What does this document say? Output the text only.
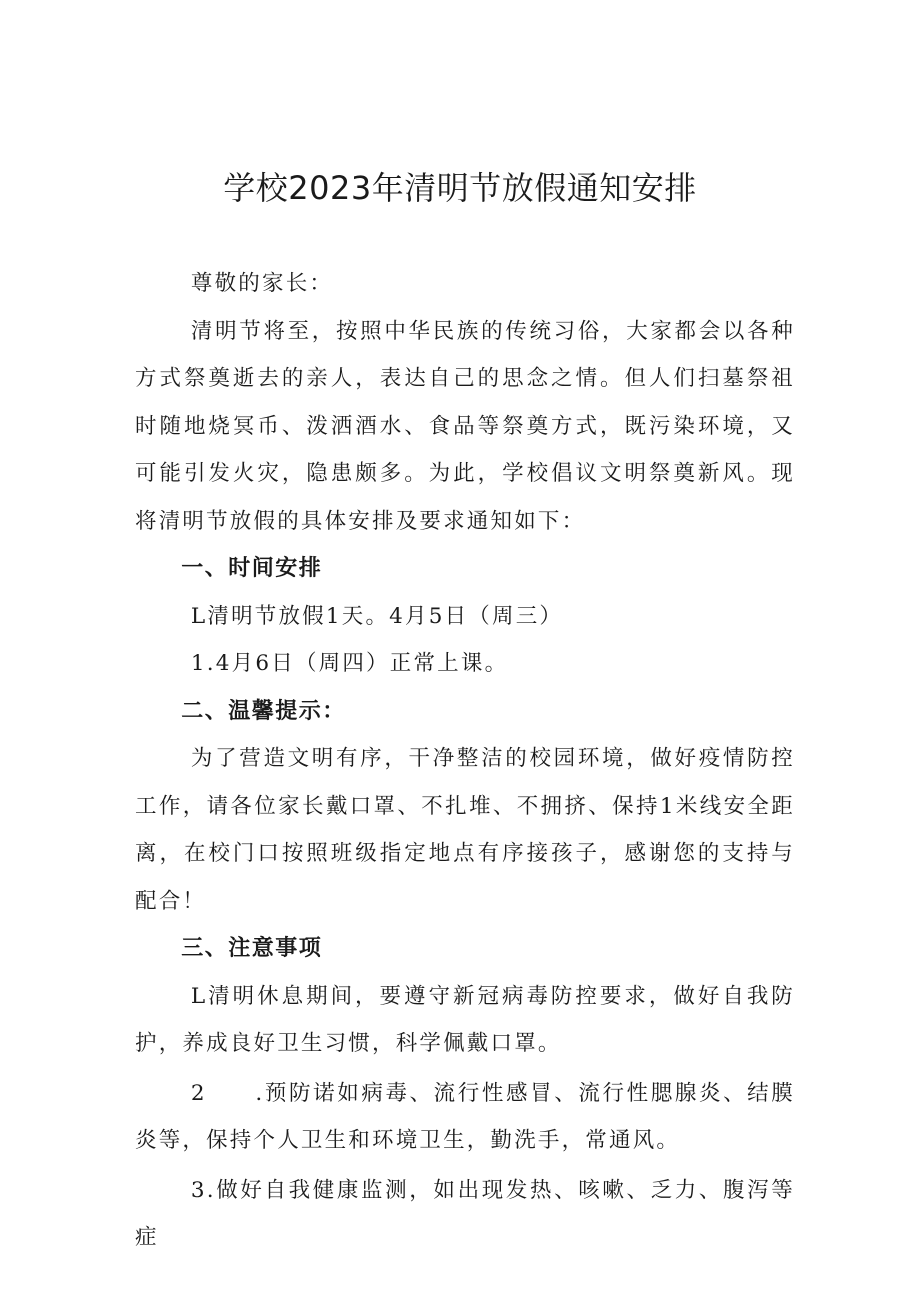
学校2023年清明节放假通知安排

尊敬的家长：

清明节将至，按照中华民族的传统习俗，大家都会以各种方式祭奠逝去的亲人，表达自己的思念之情。但人们扫墓祭祖时随地烧冥币、泼洒酒水、食品等祭奠方式，既污染环境，又可能引发火灾，隐患颇多。为此，学校倡议文明祭奠新风。现将清明节放假的具体安排及要求通知如下：

一、时间安排

L清明节放假1天。4月5日（周三）

1.4月6日（周四）正常上课。

二、温馨提示：

为了营造文明有序，干净整洁的校园环境，做好疫情防控工作，请各位家长戴口罩、不扎堆、不拥挤、保持1米线安全距离，在校门口按照班级指定地点有序接孩子，感谢您的支持与配合！

三、注意事项

L清明休息期间，要遵守新冠病毒防控要求，做好自我防护，养成良好卫生习惯，科学佩戴口罩。

2　　.预防诺如病毒、流行性感冒、流行性腮腺炎、结膜炎等，保持个人卫生和环境卫生，勤洗手，常通风。

3.做好自我健康监测，如出现发热、咳嗽、乏力、腹泻等症
